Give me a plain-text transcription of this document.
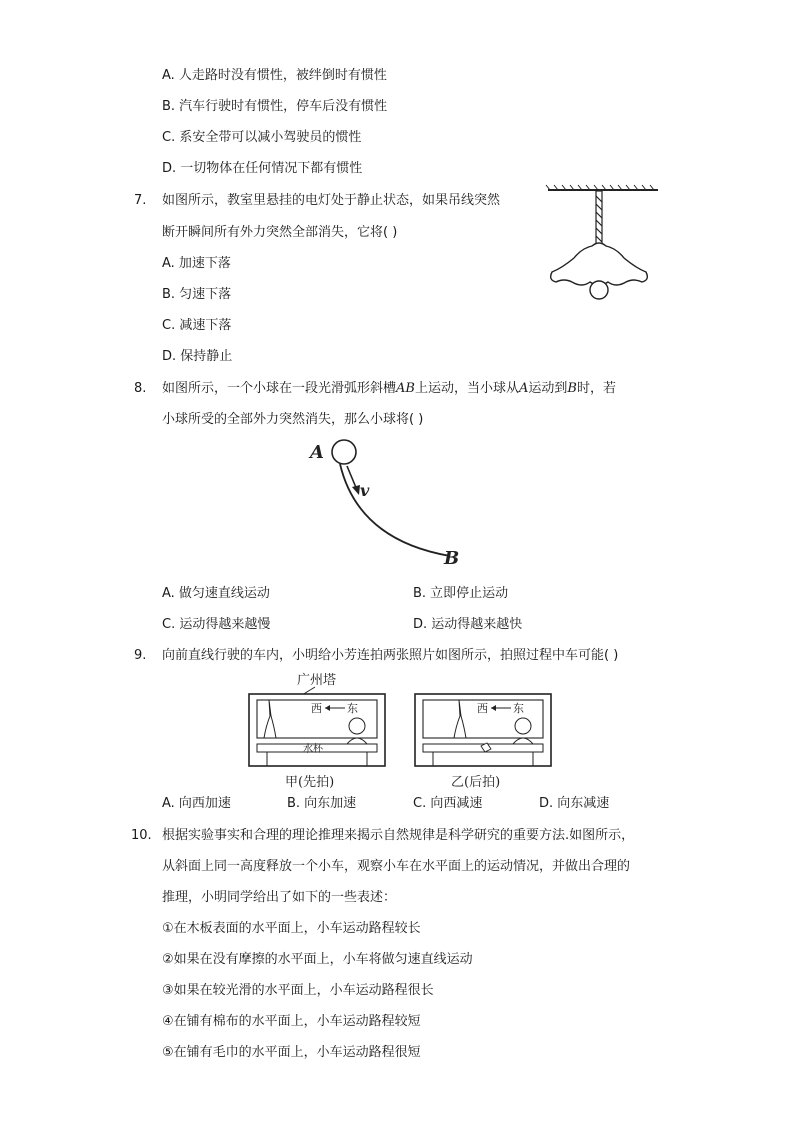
A. 人走路时没有惯性，被绊倒时有惯性
B. 汽车行驶时有惯性，停车后没有惯性
C. 系安全带可以减小驾驶员的惯性
D. 一切物体在任何情况下都有惯性
7. 如图所示，教室里悬挂的电灯处于静止状态，如果吊线突然
断开瞬间所有外力突然全部消失，它将( )
A. 加速下落
B. 匀速下落
C. 减速下落
D. 保持静止
8. 如图所示，一个小球在一段光滑弧形斜槽AB上运动，当小球从A运动到B时，若
小球所受的全部外力突然消失，那么小球将( )
A
v
B
A. 做匀速直线运动	B. 立即停止运动
C. 运动得越来越慢	D. 运动得越来越快
9. 向前直线行驶的车内，小明给小芳连拍两张照片如图所示，拍照过程中车可能( )
广州塔
西 东
水杯
西 东
甲(先拍)	乙(后拍)
A. 向西加速	B. 向东加速	C. 向西减速	D. 向东减速
10. 根据实验事实和合理的理论推理来揭示自然规律是科学研究的重要方法.如图所示，
从斜面上同一高度释放一个小车，观察小车在水平面上的运动情况，并做出合理的
推理，小明同学给出了如下的一些表述：
①在木板表面的水平面上，小车运动路程较长
②如果在没有摩擦的水平面上，小车将做匀速直线运动
③如果在较光滑的水平面上，小车运动路程很长
④在铺有棉布的水平面上，小车运动路程较短
⑤在铺有毛巾的水平面上，小车运动路程很短
